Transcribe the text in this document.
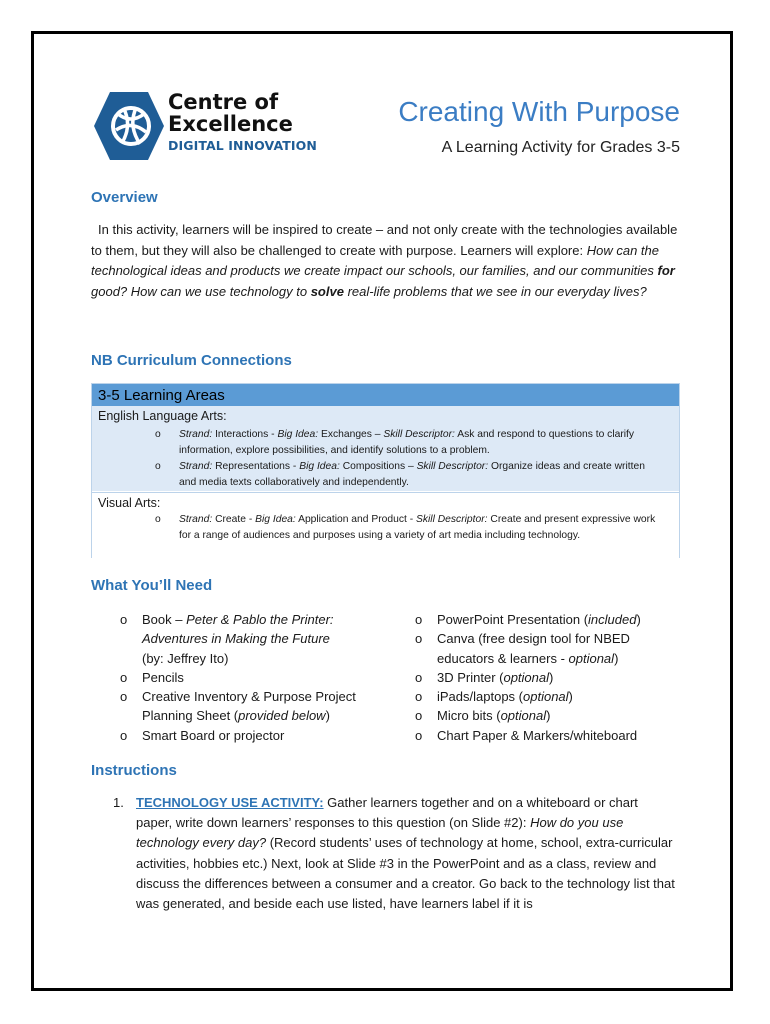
Centre of
Excellence
DIGITAL INNOVATION
Creating With Purpose
A Learning Activity for Grades 3-5
Overview

In this activity, learners will be inspired to create – and not only create with the technologies available to them, but they will also be challenged to create with purpose. Learners will explore: How can the technological ideas and products we create impact our schools, our families, and our communities for good? How can we use technology to solve real-life problems that we see in our everyday lives?

NB Curriculum Connections
3-5 Learning Areas
English Language Arts:
o Strand: Interactions - Big Idea: Exchanges – Skill Descriptor: Ask and respond to questions to clarify information, explore possibilities, and identify solutions to a problem.
o Strand: Representations - Big Idea: Compositions – Skill Descriptor: Organize ideas and create written and media texts collaboratively and independently.
Visual Arts:
o Strand: Create - Big Idea: Application and Product - Skill Descriptor: Create and present expressive work for a range of audiences and purposes using a variety of art media including technology.
What You’ll Need
o Book – Peter & Pablo the Printer: Adventures in Making the Future
(by: Jeffrey Ito)
o Pencils
o Creative Inventory & Purpose Project Planning Sheet (provided below)
o Smart Board or projector
o PowerPoint Presentation (included)
o Canva (free design tool for NBED educators & learners - optional)
o 3D Printer (optional)
o iPads/laptops (optional)
o Micro bits (optional)
o Chart Paper & Markers/whiteboard
Instructions
1. TECHNOLOGY USE ACTIVITY: Gather learners together and on a whiteboard or chart paper, write down learners’ responses to this question (on Slide #2): How do you use technology every day? (Record students’ uses of technology at home, school, extra-curricular activities, hobbies etc.) Next, look at Slide #3 in the PowerPoint and as a class, review and discuss the differences between a consumer and a creator. Go back to the technology list that was generated, and beside each use listed, have learners label if it is
